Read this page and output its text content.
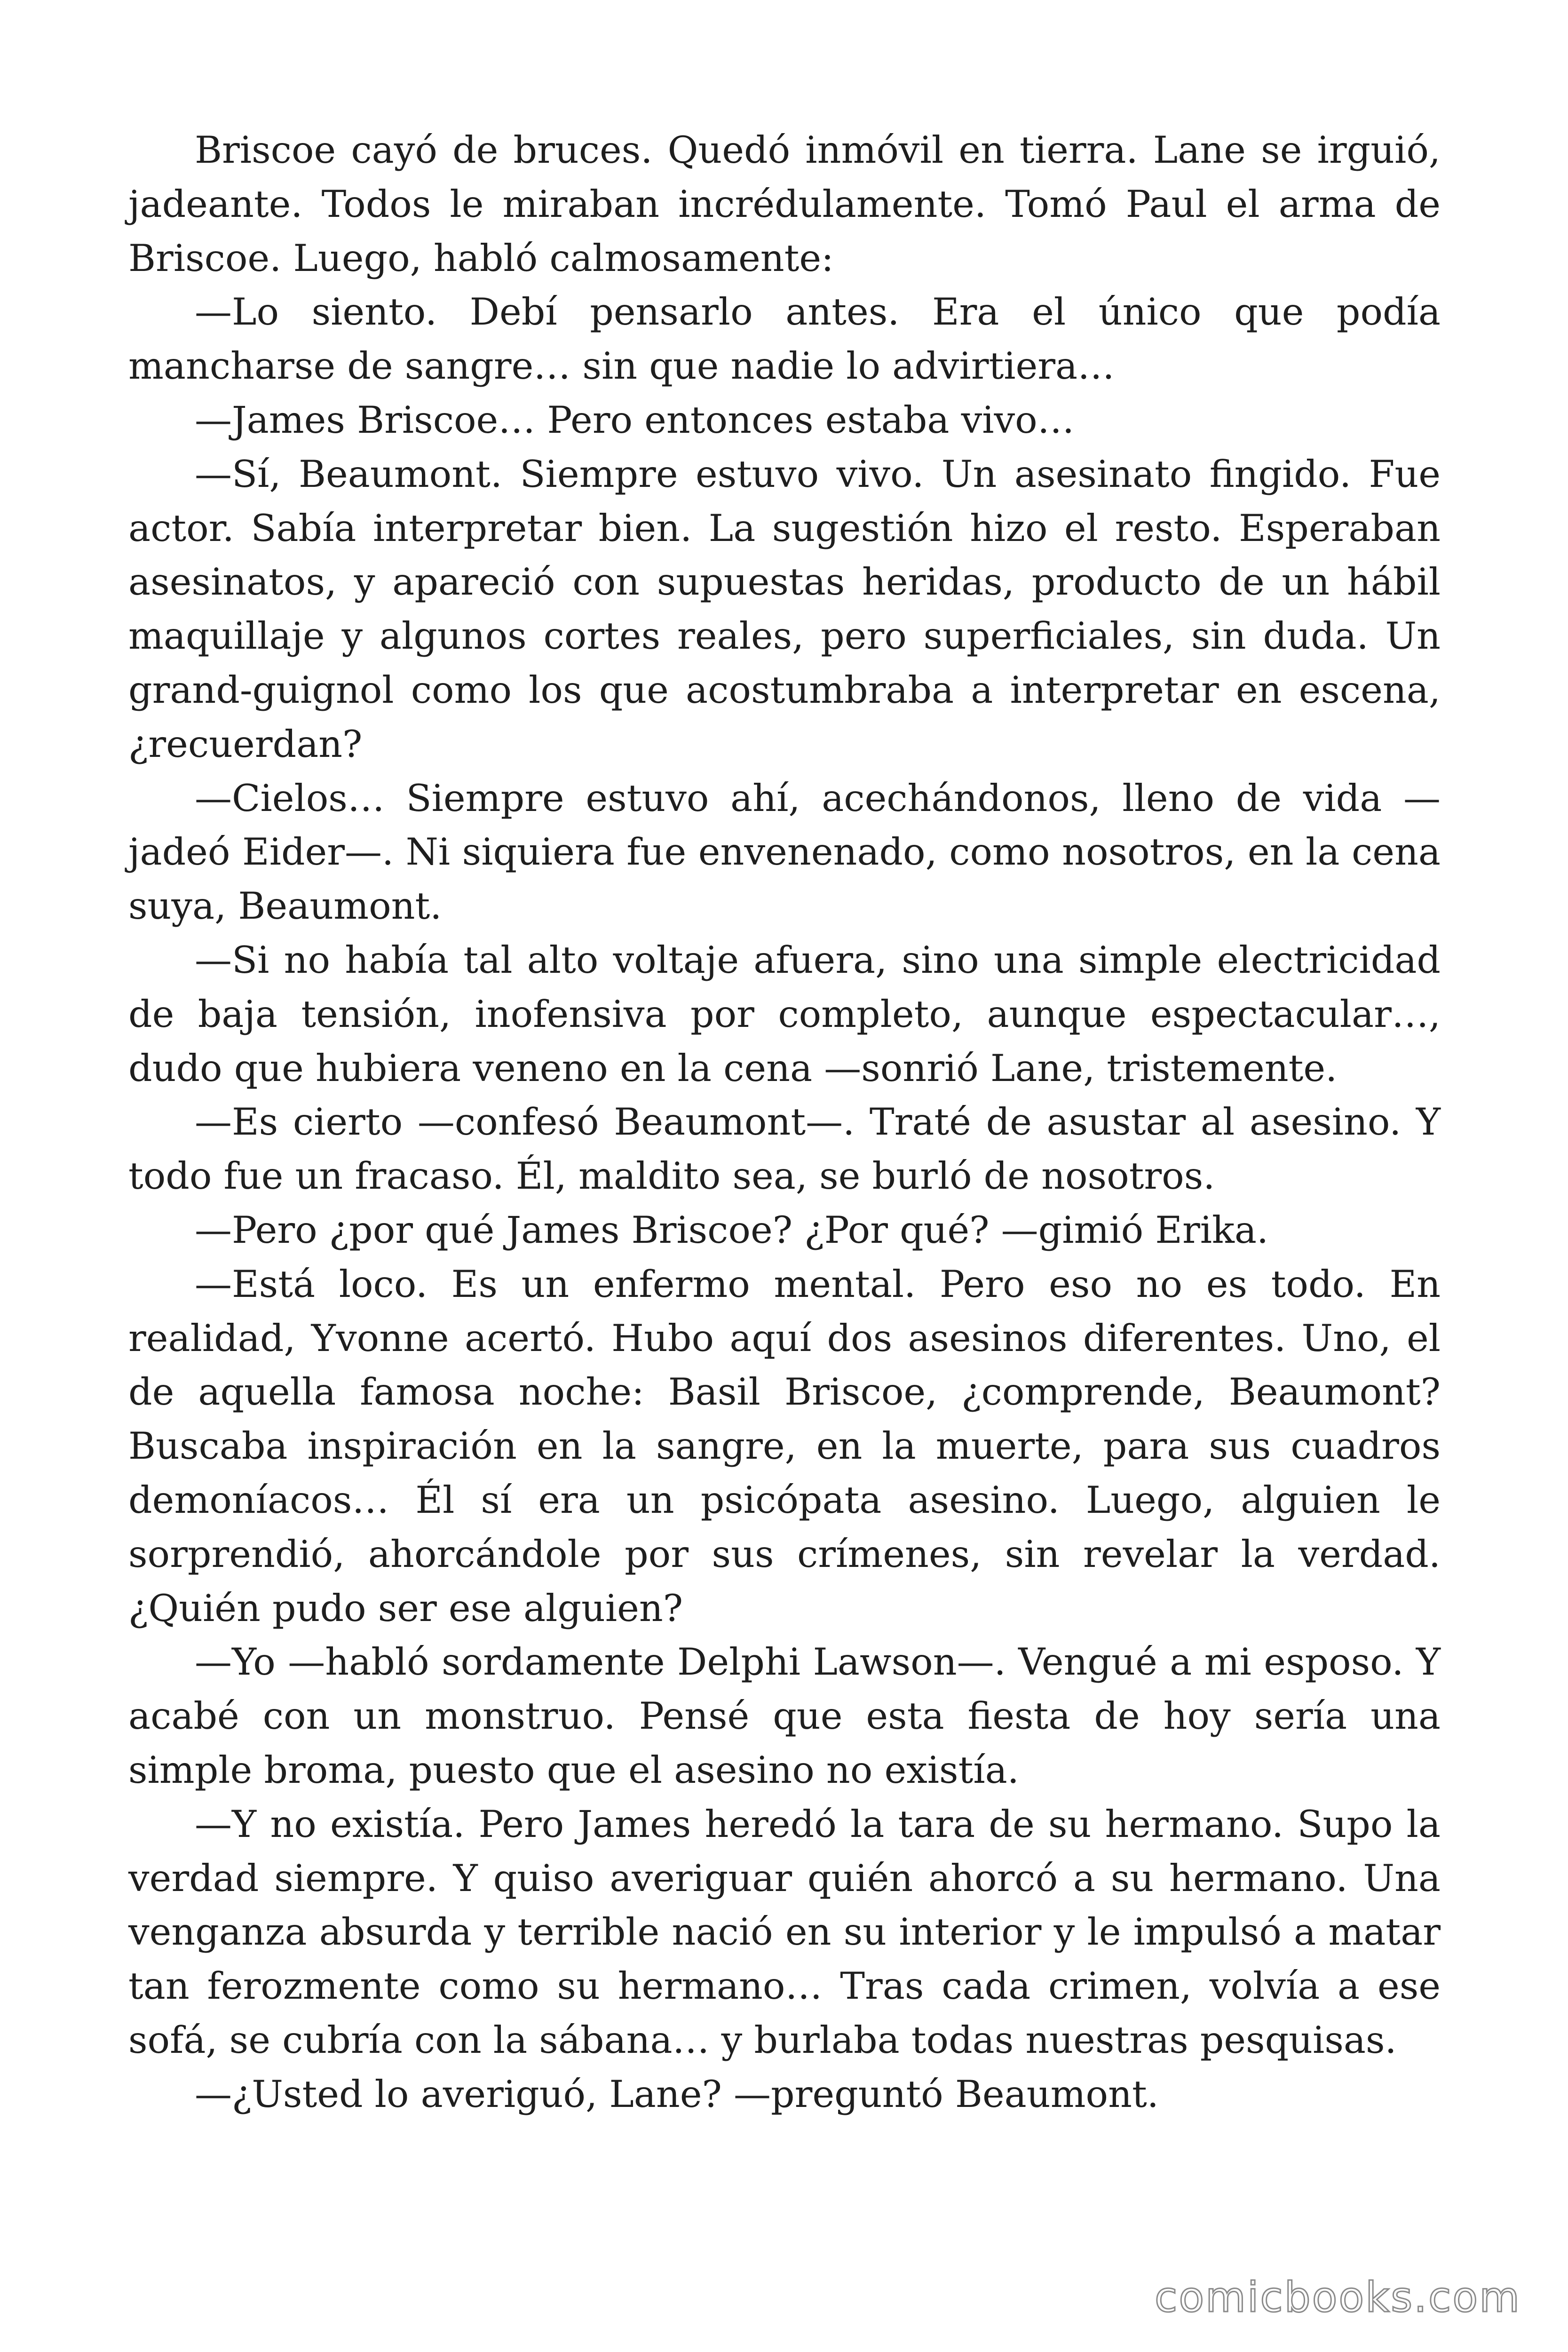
Briscoe cayó de bruces. Quedó inmóvil en tierra. Lane se irguió, jadeante. Todos le miraban incrédulamente. Tomó Paul el arma de Briscoe. Luego, habló calmosamente:

—Lo siento. Debí pensarlo antes. Era el único que podía mancharse de sangre… sin que nadie lo advirtiera…

—James Briscoe… Pero entonces estaba vivo…

—Sí, Beaumont. Siempre estuvo vivo. Un asesinato fingido. Fue actor. Sabía interpretar bien. La sugestión hizo el resto. Esperaban asesinatos, y apareció con supuestas heridas, producto de un hábil maquillaje y algunos cortes reales, pero superficiales, sin duda. Un grand-guignol como los que acostumbraba a interpretar en escena, ¿recuerdan?

—Cielos… Siempre estuvo ahí, acechándonos, lleno de vida —jadeó Eider—. Ni siquiera fue envenenado, como nosotros, en la cena suya, Beaumont.

—Si no había tal alto voltaje afuera, sino una simple electricidad de baja tensión, inofensiva por completo, aunque espectacular…, dudo que hubiera veneno en la cena —sonrió Lane, tristemente.

—Es cierto —confesó Beaumont—. Traté de asustar al asesino. Y todo fue un fracaso. Él, maldito sea, se burló de nosotros.

—Pero ¿por qué James Briscoe? ¿Por qué? —gimió Erika.

—Está loco. Es un enfermo mental. Pero eso no es todo. En realidad, Yvonne acertó. Hubo aquí dos asesinos diferentes. Uno, el de aquella famosa noche: Basil Briscoe, ¿comprende, Beaumont? Buscaba inspiración en la sangre, en la muerte, para sus cuadros demoníacos… Él sí era un psicópata asesino. Luego, alguien le sorprendió, ahorcándole por sus crímenes, sin revelar la verdad. ¿Quién pudo ser ese alguien?

—Yo —habló sordamente Delphi Lawson—. Vengué a mi esposo. Y acabé con un monstruo. Pensé que esta fiesta de hoy sería una simple broma, puesto que el asesino no existía.

—Y no existía. Pero James heredó la tara de su hermano. Supo la verdad siempre. Y quiso averiguar quién ahorcó a su hermano. Una venganza absurda y terrible nació en su interior y le impulsó a matar tan ferozmente como su hermano… Tras cada crimen, volvía a ese sofá, se cubría con la sábana… y burlaba todas nuestras pesquisas.

—¿Usted lo averiguó, Lane? —preguntó Beaumont.

comicbooks.com
